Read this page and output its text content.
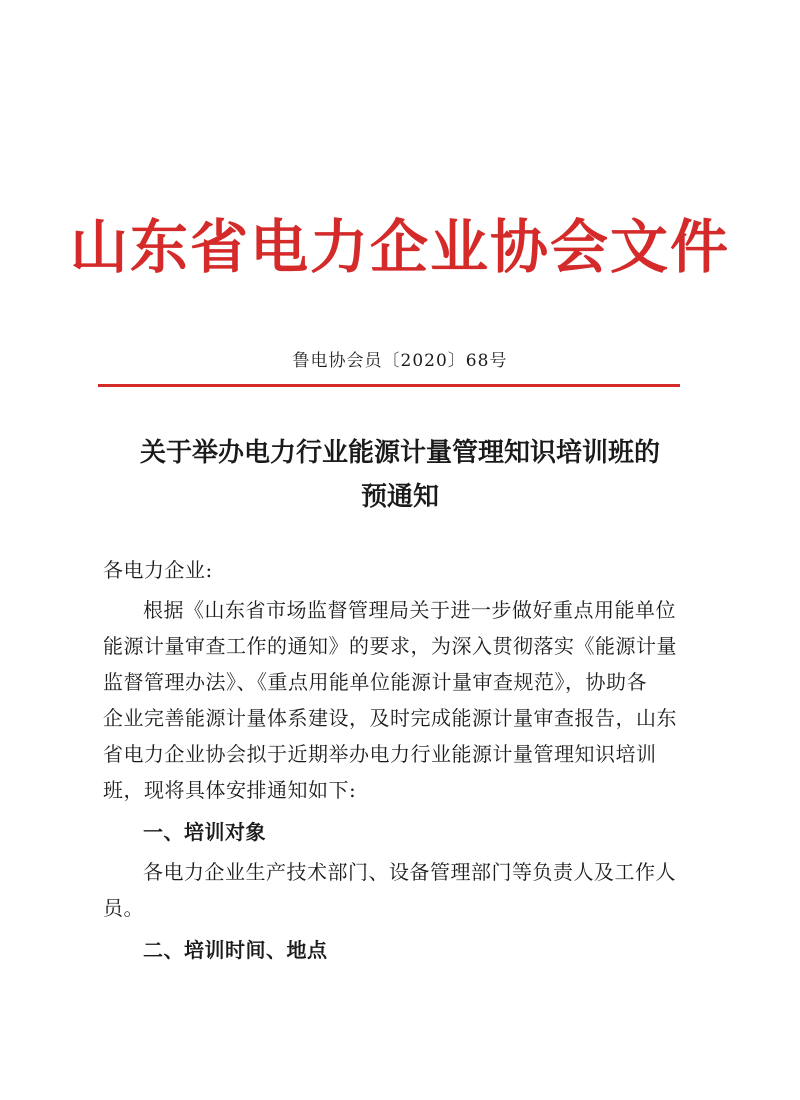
山东省电力企业协会文件
鲁电协会员〔2020〕68号
关于举办电力行业能源计量管理知识培训班的
预通知
各电力企业:
根据《山东省市场监督管理局关于进一步做好重点用能单位
能源计量审查工作的通知》的要求，为深入贯彻落实《能源计量
监督管理办法》、《重点用能单位能源计量审查规范》，协助各
企业完善能源计量体系建设，及时完成能源计量审查报告，山东
省电力企业协会拟于近期举办电力行业能源计量管理知识培训
班，现将具体安排通知如下:
一、培训对象
各电力企业生产技术部门、设备管理部门等负责人及工作人
员。
二、培训时间、地点
